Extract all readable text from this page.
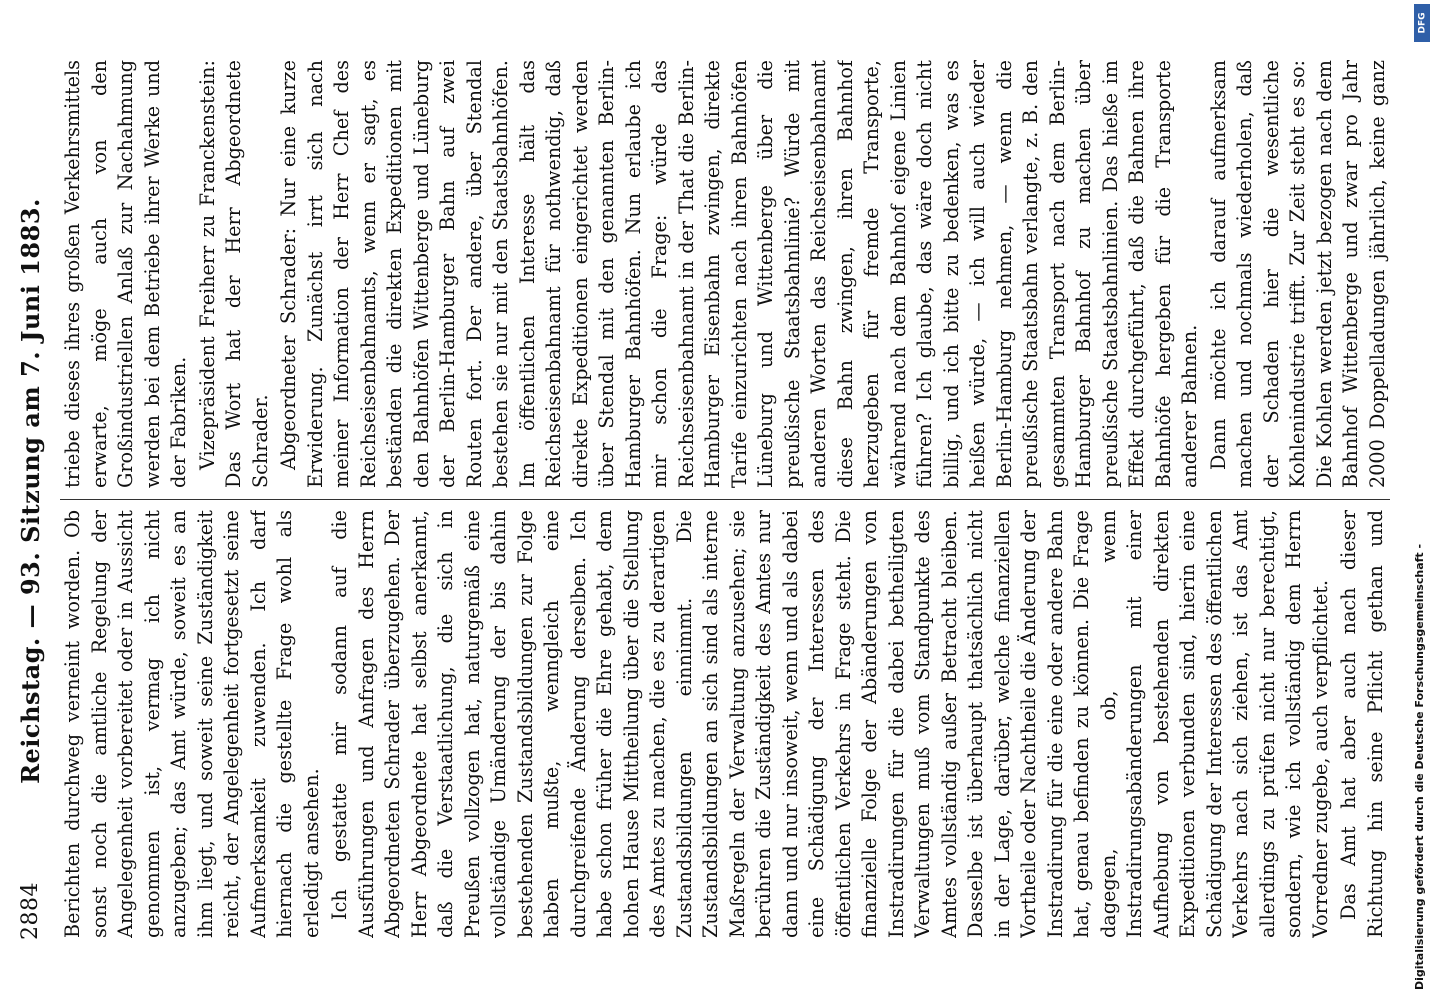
2884
Reichstag. — 93. Sitzung am 7. Juni 1883. Berichten durchweg verneint worden. Ob sonst noch die amtliche Regelung der Angelegenheit vorbereitet oder in Aussicht genommen ist, vermag ich nicht anzugeben; das Amt würde, soweit es an ihm liegt, und soweit seine Zuständigkeit reicht, der Angelegenheit fortgesetzt seine Aufmerksamkeit zuwenden. Ich darf hiernach die gestellte Frage wohl als erledigt ansehen. Ich gestatte mir sodann auf die Ausführungen und Anfragen des Herrn Abgeordneten Schrader überzugehen. Der Herr Abgeordnete hat selbst anerkannt, daß die Verstaatlichung, die sich in Preußen vollzogen hat, naturgemäß eine vollständige Umänderung der bis dahin bestehenden Zustandsbildungen zur Folge haben mußte, wenngleich eine durchgreifende Änderung derselben. Ich habe schon früher die Ehre gehabt, dem hohen Hause Mittheilung über die Stellung des Amtes zu machen, die es zu derartigen Zustandsbildungen einnimmt. Die Zustandsbildungen an sich sind als interne Maßregeln der Verwaltung anzusehen; sie berühren die Zuständigkeit des Amtes nur dann und nur insoweit, wenn und als dabei eine Schädigung der Interessen des öffentlichen Verkehrs in Frage steht. Die finanzielle Folge der Abänderungen von Instradirungen für die dabei betheiligten Verwaltungen muß vom Standpunkte des Amtes vollständig außer Betracht bleiben. Dasselbe ist überhaupt thatsächlich nicht in der Lage, darüber, welche finanziellen Vortheile oder Nachtheile die Änderung der Instradirung für die eine oder andere Bahn hat, genau befinden zu können. Die Frage dagegen, ob, wenn Instradirungsabänderungen mit einer Aufhebung von bestehenden direkten Expeditionen verbunden sind, hierin eine Schädigung der Interessen des öffentlichen Verkehrs nach sich ziehen, ist das Amt allerdings zu prüfen nicht nur berechtigt, sondern, wie ich vollständig dem Herrn Vorredner zugebe, auch verpflichtet. Das Amt hat aber auch nach dieser Richtung hin seine Pflicht gethan und

triebe dieses ihres großen Verkehrsmittels erwarte, möge auch von den Großindustriellen Anlaß zur Nachahmung werden bei dem Betriebe ihrer Werke und der Fabriken. Vizepräsident Freiherr zu Franckenstein: Das Wort hat der Herr Abgeordnete Schrader. Abgeordneter Schrader: Nur eine kurze Erwiderung. Zunächst irrt sich nach meiner Information der Herr Chef des Reichseisenbahnamts, wenn er sagt, es beständen die direkten Expeditionen mit den Bahnhöfen Wittenberge und Lüneburg der Berlin-Hamburger Bahn auf zwei Routen fort. Der andere, über Stendal bestehen sie nur mit den Staatsbahnhöfen. Im öffentlichen Interesse hält das Reichseisenbahnamt für nothwendig, daß direkte Expeditionen eingerichtet werden über Stendal mit den genannten Berlin-Hamburger Bahnhöfen. Nun erlaube ich mir schon die Frage: würde das Reichseisenbahnamt in der That die Berlin-Hamburger Eisenbahn zwingen, direkte Tarife einzurichten nach ihren Bahnhöfen Lüneburg und Wittenberge über die preußische Staatsbahnlinie? Würde mit anderen Worten das Reichseisenbahnamt diese Bahn zwingen, ihren Bahnhof herzugeben für fremde Transporte, während nach dem Bahnhof eigene Linien führen? Ich glaube, das wäre doch nicht billig, und ich bitte zu bedenken, was es heißen würde, — ich will auch wieder Berlin-Hamburg nehmen, — wenn die preußische Staatsbahn verlangte, z. B. den gesammten Transport nach dem Berlin-Hamburger Bahnhof zu machen über preußische Staatsbahnlinien. Das hieße im Effekt durchgeführt, daß die Bahnen ihre Bahnhöfe hergeben für die Transporte anderer Bahnen. Dann möchte ich darauf aufmerksam machen und nochmals wiederholen, daß der Schaden hier die wesentliche Kohlenindustrie trifft. Zur Zeit steht es so: Die Kohlen werden jetzt bezogen nach dem Bahnhof Wittenberge und zwar pro Jahr 2000 Doppelladungen jährlich, keine ganz

Digitalisierung gefördert durch die Deutsche Forschungsgemeinschaft -
DFG
